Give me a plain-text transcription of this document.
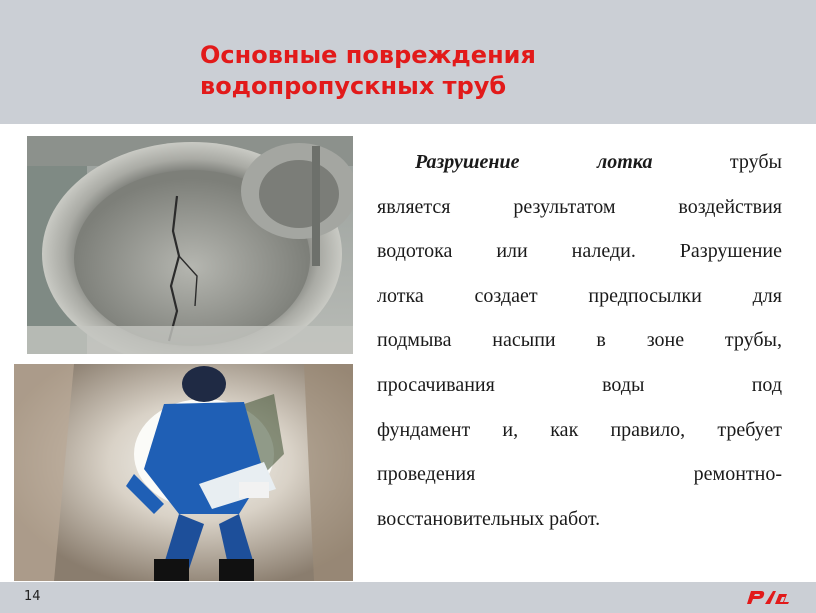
Основные повреждения
водопропускных труб
Разрушение лотка	трубы
является результатом воздействия
водотока или наледи. Разрушение
лотка создает предпосылки для
подмыва насыпи в зоне трубы,
просачивания воды под
фундамент и, как правило, требует
проведения ремонтно-
восстановительных работ.
14
